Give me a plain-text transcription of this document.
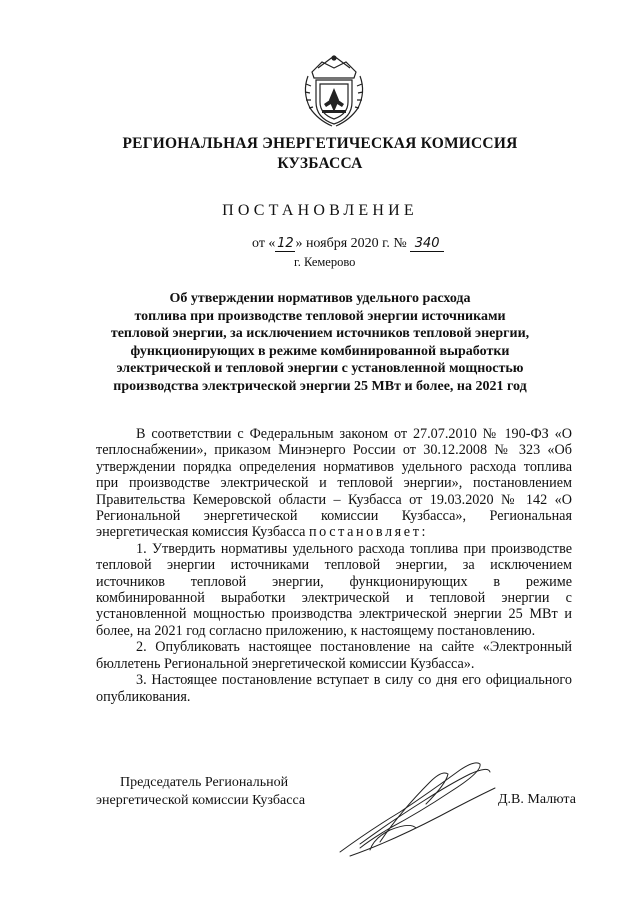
РЕГИОНАЛЬНАЯ ЭНЕРГЕТИЧЕСКАЯ КОМИССИЯ
КУЗБАССА
ПОСТАНОВЛЕНИЕ
от « 12 » ноября 2020 г. № 340
г. Кемерово
Об утверждении нормативов удельного расхода
топлива при производстве тепловой энергии источниками
тепловой энергии, за исключением источников тепловой энергии,
функционирующих в режиме комбинированной выработки
электрической и тепловой энергии с установленной мощностью
производства электрической энергии 25 МВт и более, на 2021 год

В соответствии с Федеральным законом от 27.07.2010 № 190-ФЗ «О теплоснабжении», приказом Минэнерго России от 30.12.2008 № 323 «Об утверждении порядка определения нормативов удельного расхода топлива при производстве электрической и тепловой энергии», постановлением Правительства Кемеровской области – Кузбасса от 19.03.2020 № 142 «О Региональной энергетической комиссии Кузбасса», Региональная энергетическая комиссия Кузбасса постановляет:

1. Утвердить нормативы удельного расхода топлива при производстве тепловой энергии источниками тепловой энергии, за исключением источников тепловой энергии, функционирующих в режиме комбинированной выработки электрической и тепловой энергии с установленной мощностью производства электрической энергии 25 МВт и более, на 2021 год согласно приложению, к настоящему постановлению.

2. Опубликовать настоящее постановление на сайте «Электронный бюллетень Региональной энергетической комиссии Кузбасса».

3. Настоящее постановление вступает в силу со дня его официального опубликования.

Председатель Региональной
энергетической комиссии Кузбасса	Д.В. Малюта
